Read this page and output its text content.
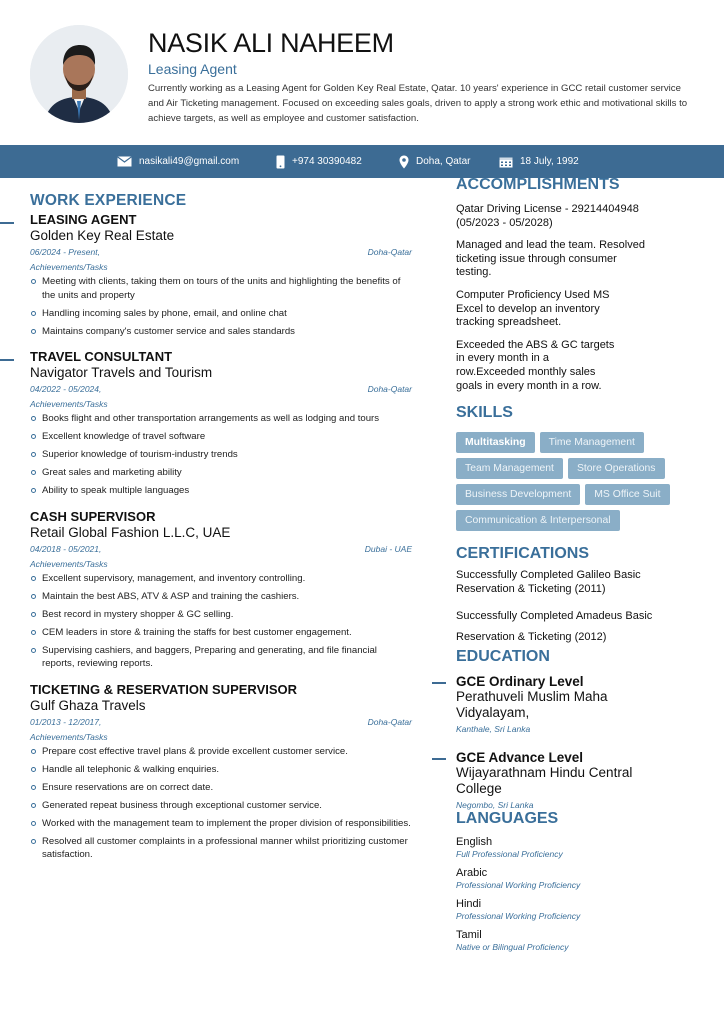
NASIK ALI NAHEEM
Leasing Agent
Currently working as a Leasing Agent for Golden Key Real Estate, Qatar. 10 years' experience in GCC retail customer service and Air Ticketing management. Focused on exceeding sales goals, driven to apply a strong work ethic and motivational skills to achieve targets, as well as employee and customer satisfaction.
nasikali49@gmail.com	+974 30390482	Doha, Qatar	18 July, 1992
WORK EXPERIENCE
LEASING AGENT
Golden Key Real Estate
06/2024 - Present,	Doha-Qatar
Achievements/Tasks
Meeting with clients, taking them on tours of the units and highlighting the benefits of the units and property
Handling incoming sales by phone, email, and online chat
Maintains company's customer service and sales standards
TRAVEL CONSULTANT
Navigator Travels and Tourism
04/2022 - 05/2024,	Doha-Qatar
Achievements/Tasks
Books flight and other transportation arrangements as well as lodging and tours
Excellent knowledge of travel software
Superior knowledge of tourism-industry trends
Great sales and marketing ability
Ability to speak multiple languages
CASH SUPERVISOR
Retail Global Fashion L.L.C, UAE
04/2018 - 05/2021,	Dubai - UAE
Achievements/Tasks
Excellent supervisory, management, and inventory controlling.
Maintain the best ABS, ATV & ASP and training the cashiers.
Best record in mystery shopper & GC selling.
CEM leaders in store & training the staffs for best customer engagement.
Supervising cashiers, and baggers, Preparing and generating, and file financial reports, reviewing reports.
TICKETING & RESERVATION SUPERVISOR
Gulf Ghaza Travels
01/2013 - 12/2017,	Doha-Qatar
Achievements/Tasks
Prepare cost effective travel plans & provide excellent customer service.
Handle all telephonic & walking enquiries.
Ensure reservations are on correct date.
Generated repeat business through exceptional customer service.
Worked with the management team to implement the proper division of responsibilities.
Resolved all customer complaints in a professional manner whilst prioritizing customer satisfaction.
ACCOMPLISHMENTS
Qatar Driving License - 29214404948 (05/2023 - 05/2028)
Managed and lead the team. Resolved ticketing issue through consumer testing.
Computer Proficiency Used MS Excel to develop an inventory tracking spreadsheet.
Exceeded the ABS & GC targets in every month in a row.Exceeded monthly sales goals in every month in a row.
SKILLS
Multitasking	Time Management
Team Management	Store Operations
Business Development	MS Office Suit
Communication & Interpersonal
CERTIFICATIONS
Successfully Completed Galileo Basic Reservation & Ticketing (2011)
Successfully Completed Amadeus Basic Reservation & Ticketing (2012)
EDUCATION
GCE Ordinary Level
Perathuveli Muslim Maha Vidyalayam,
Kanthale, Sri Lanka
GCE Advance Level
Wijayarathnam Hindu Central College
Negombo, Sri Lanka
LANGUAGES
English
Full Professional Proficiency
Arabic
Professional Working Proficiency
Hindi
Professional Working Proficiency
Tamil
Native or Bilingual Proficiency
